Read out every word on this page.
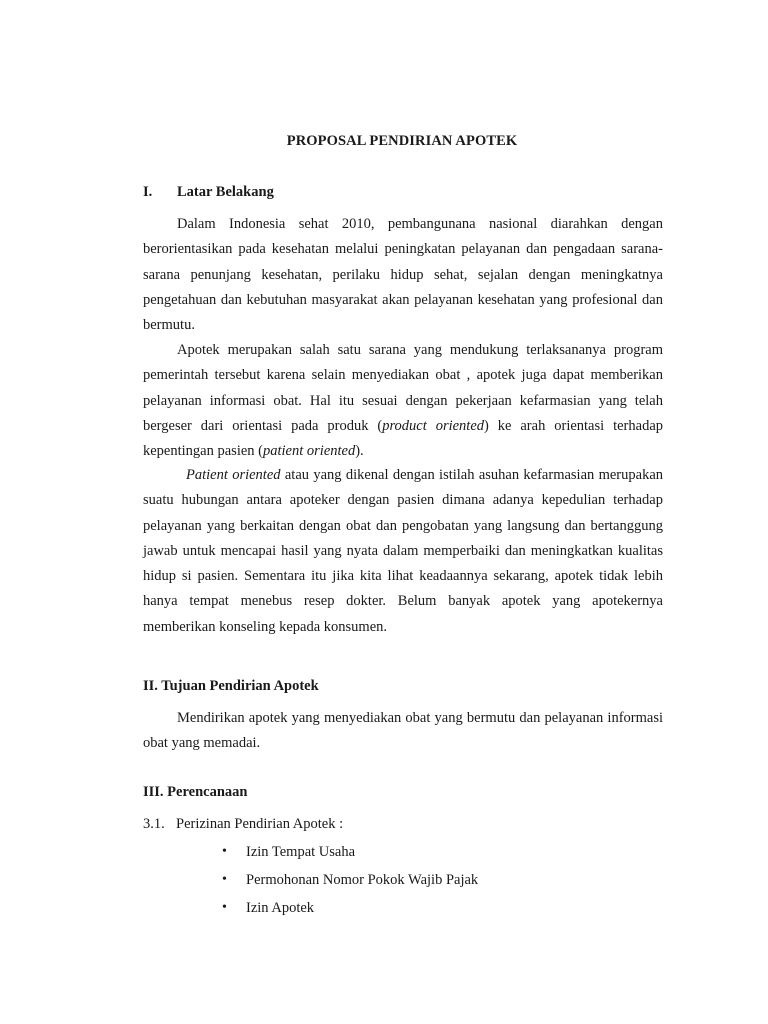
PROPOSAL PENDIRIAN APOTEK
I. Latar Belakang

Dalam Indonesia sehat 2010, pembangunana nasional diarahkan dengan berorientasikan pada kesehatan melalui peningkatan pelayanan dan pengadaan sarana-sarana penunjang kesehatan, perilaku hidup sehat, sejalan dengan meningkatnya pengetahuan dan kebutuhan masyarakat akan pelayanan kesehatan yang profesional dan bermutu.

Apotek merupakan salah satu sarana yang mendukung terlaksananya program pemerintah tersebut karena selain menyediakan obat , apotek juga dapat memberikan pelayanan informasi obat. Hal itu sesuai dengan pekerjaan kefarmasian yang telah bergeser dari orientasi pada produk (product oriented) ke arah orientasi terhadap kepentingan pasien (patient oriented).

Patient oriented atau yang dikenal dengan istilah asuhan kefarmasian merupakan suatu hubungan antara apoteker dengan pasien dimana adanya kepedulian terhadap pelayanan yang berkaitan dengan obat dan pengobatan yang langsung dan bertanggung jawab untuk mencapai hasil yang nyata dalam memperbaiki dan meningkatkan kualitas hidup si pasien. Sementara itu jika kita lihat keadaannya sekarang, apotek tidak lebih hanya tempat menebus resep dokter. Belum banyak apotek yang apotekernya memberikan konseling kepada konsumen.

II. Tujuan Pendirian Apotek

Mendirikan apotek yang menyediakan obat yang bermutu dan pelayanan informasi obat yang memadai.

III. Perencanaan
3.1. Perizinan Pendirian Apotek :
•	Izin Tempat Usaha
•	Permohonan Nomor Pokok Wajib Pajak
•	Izin Apotek
